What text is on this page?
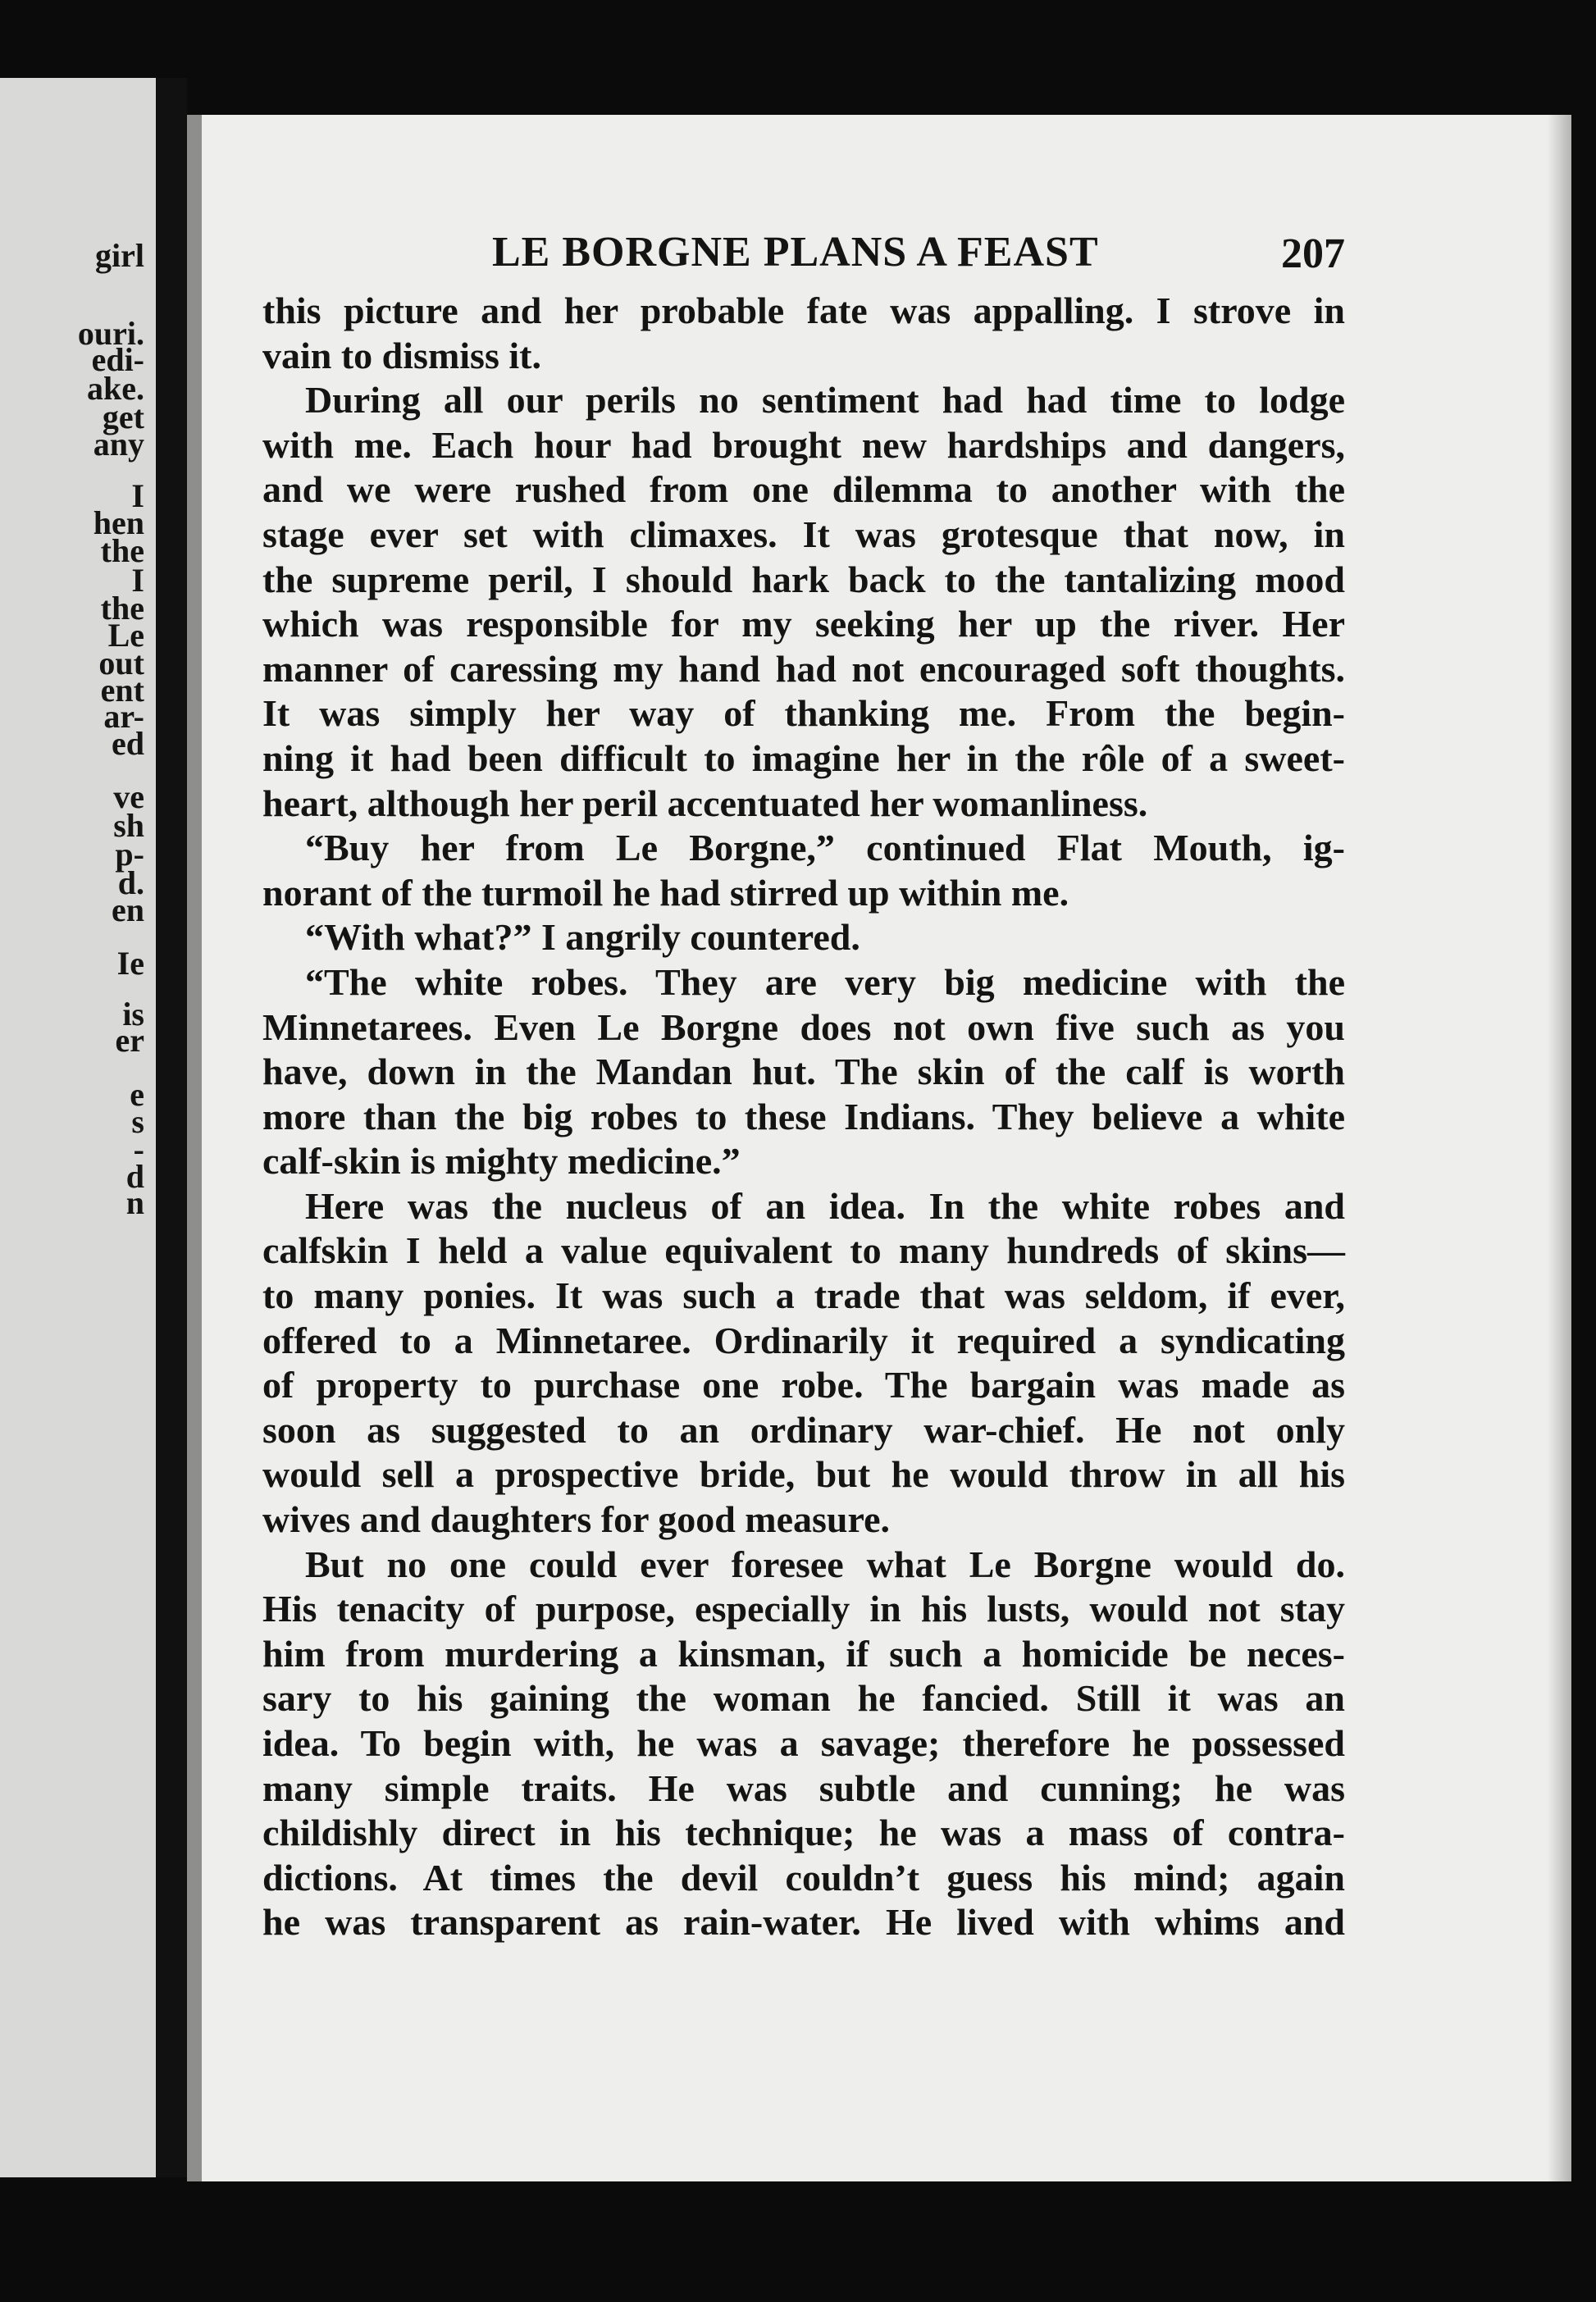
girl
ouri.
edi-
ake.
get
any
I
hen
the
I
the
Le
out
ent
ar-
ed
ve
sh
p-
d.
en
Ie
is
er
e
s
-
d
n
LE BORGNE PLANS A FEAST	207
this picture and her probable fate was appalling. I strove in
vain to dismiss it.
During all our perils no sentiment had had time to lodge
with me. Each hour had brought new hardships and dangers,
and we were rushed from one dilemma to another with the
stage ever set with climaxes. It was grotesque that now, in
the supreme peril, I should hark back to the tantalizing mood
which was responsible for my seeking her up the river. Her
manner of caressing my hand had not encouraged soft thoughts.
It was simply her way of thanking me. From the begin-
ning it had been difficult to imagine her in the rôle of a sweet-
heart, although her peril accentuated her womanliness.
“Buy her from Le Borgne,” continued Flat Mouth, ig-
norant of the turmoil he had stirred up within me.
“With what?” I angrily countered.
“The white robes. They are very big medicine with the
Minnetarees. Even Le Borgne does not own five such as you
have, down in the Mandan hut. The skin of the calf is worth
more than the big robes to these Indians. They believe a white
calf-skin is mighty medicine.”
Here was the nucleus of an idea. In the white robes and
calfskin I held a value equivalent to many hundreds of skins—
to many ponies. It was such a trade that was seldom, if ever,
offered to a Minnetaree. Ordinarily it required a syndicating
of property to purchase one robe. The bargain was made as
soon as suggested to an ordinary war-chief. He not only
would sell a prospective bride, but he would throw in all his
wives and daughters for good measure.
But no one could ever foresee what Le Borgne would do.
His tenacity of purpose, especially in his lusts, would not stay
him from murdering a kinsman, if such a homicide be neces-
sary to his gaining the woman he fancied. Still it was an
idea. To begin with, he was a savage; therefore he possessed
many simple traits. He was subtle and cunning; he was
childishly direct in his technique; he was a mass of contra-
dictions. At times the devil couldn’t guess his mind; again
he was transparent as rain-water. He lived with whims and
